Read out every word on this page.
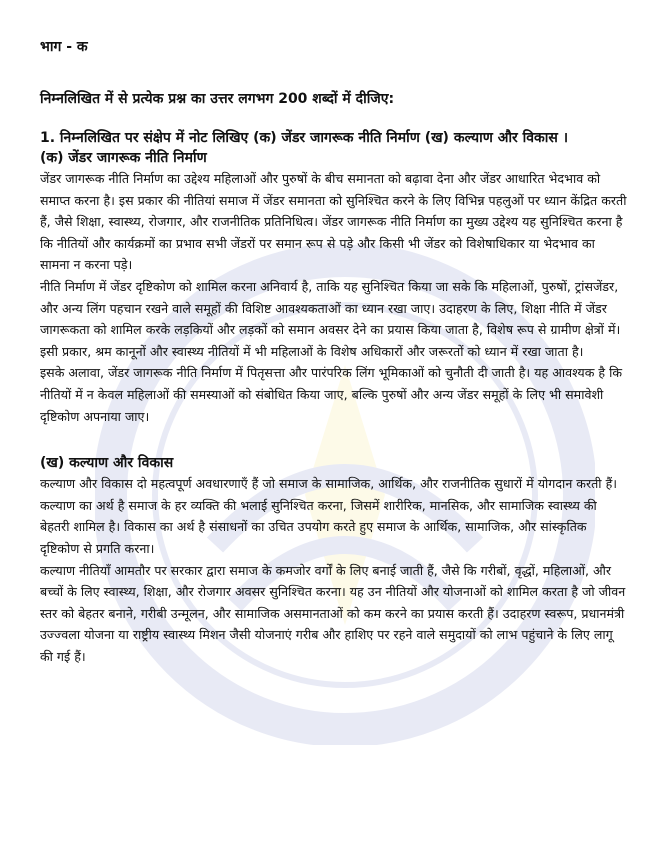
भाग - क

निम्नलिखित में से प्रत्येक प्रश्न का उत्तर लगभग 200 शब्दों में दीजिए:

1. निम्नलिखित पर संक्षेप में नोट लिखिए (क) जेंडर जागरूक नीति निर्माण (ख) कल्याण और विकास ।

(क) जेंडर जागरूक नीति निर्माण

जेंडर जागरूक नीति निर्माण का उद्देश्य महिलाओं और पुरुषों के बीच समानता को बढ़ावा देना और जेंडर आधारित भेदभाव को समाप्त करना है। इस प्रकार की नीतियां समाज में जेंडर समानता को सुनिश्चित करने के लिए विभिन्न पहलुओं पर ध्यान केंद्रित करती हैं, जैसे शिक्षा, स्वास्थ्य, रोजगार, और राजनीतिक प्रतिनिधित्व। जेंडर जागरूक नीति निर्माण का मुख्य उद्देश्य यह सुनिश्चित करना है कि नीतियों और कार्यक्रमों का प्रभाव सभी जेंडरों पर समान रूप से पड़े और किसी भी जेंडर को विशेषाधिकार या भेदभाव का सामना न करना पड़े।

नीति निर्माण में जेंडर दृष्टिकोण को शामिल करना अनिवार्य है, ताकि यह सुनिश्चित किया जा सके कि महिलाओं, पुरुषों, ट्रांसजेंडर, और अन्य लिंग पहचान रखने वाले समूहों की विशिष्ट आवश्यकताओं का ध्यान रखा जाए। उदाहरण के लिए, शिक्षा नीति में जेंडर जागरूकता को शामिल करके लड़कियों और लड़कों को समान अवसर देने का प्रयास किया जाता है, विशेष रूप से ग्रामीण क्षेत्रों में। इसी प्रकार, श्रम कानूनों और स्वास्थ्य नीतियों में भी महिलाओं के विशेष अधिकारों और जरूरतों को ध्यान में रखा जाता है।

इसके अलावा, जेंडर जागरूक नीति निर्माण में पितृसत्ता और पारंपरिक लिंग भूमिकाओं को चुनौती दी जाती है। यह आवश्यक है कि नीतियों में न केवल महिलाओं की समस्याओं को संबोधित किया जाए, बल्कि पुरुषों और अन्य जेंडर समूहों के लिए भी समावेशी दृष्टिकोण अपनाया जाए।

(ख) कल्याण और विकास

कल्याण और विकास दो महत्वपूर्ण अवधारणाएँ हैं जो समाज के सामाजिक, आर्थिक, और राजनीतिक सुधारों में योगदान करती हैं। कल्याण का अर्थ है समाज के हर व्यक्ति की भलाई सुनिश्चित करना, जिसमें शारीरिक, मानसिक, और सामाजिक स्वास्थ्य की बेहतरी शामिल है। विकास का अर्थ है संसाधनों का उचित उपयोग करते हुए समाज के आर्थिक, सामाजिक, और सांस्कृतिक दृष्टिकोण से प्रगति करना।

कल्याण नीतियाँ आमतौर पर सरकार द्वारा समाज के कमजोर वर्गों के लिए बनाई जाती हैं, जैसे कि गरीबों, वृद्धों, महिलाओं, और बच्चों के लिए स्वास्थ्य, शिक्षा, और रोजगार अवसर सुनिश्चित करना। यह उन नीतियों और योजनाओं को शामिल करता है जो जीवन स्तर को बेहतर बनाने, गरीबी उन्मूलन, और सामाजिक असमानताओं को कम करने का प्रयास करती हैं। उदाहरण स्वरूप, प्रधानमंत्री उज्ज्वला योजना या राष्ट्रीय स्वास्थ्य मिशन जैसी योजनाएं गरीब और हाशिए पर रहने वाले समुदायों को लाभ पहुंचाने के लिए लागू की गई हैं।
